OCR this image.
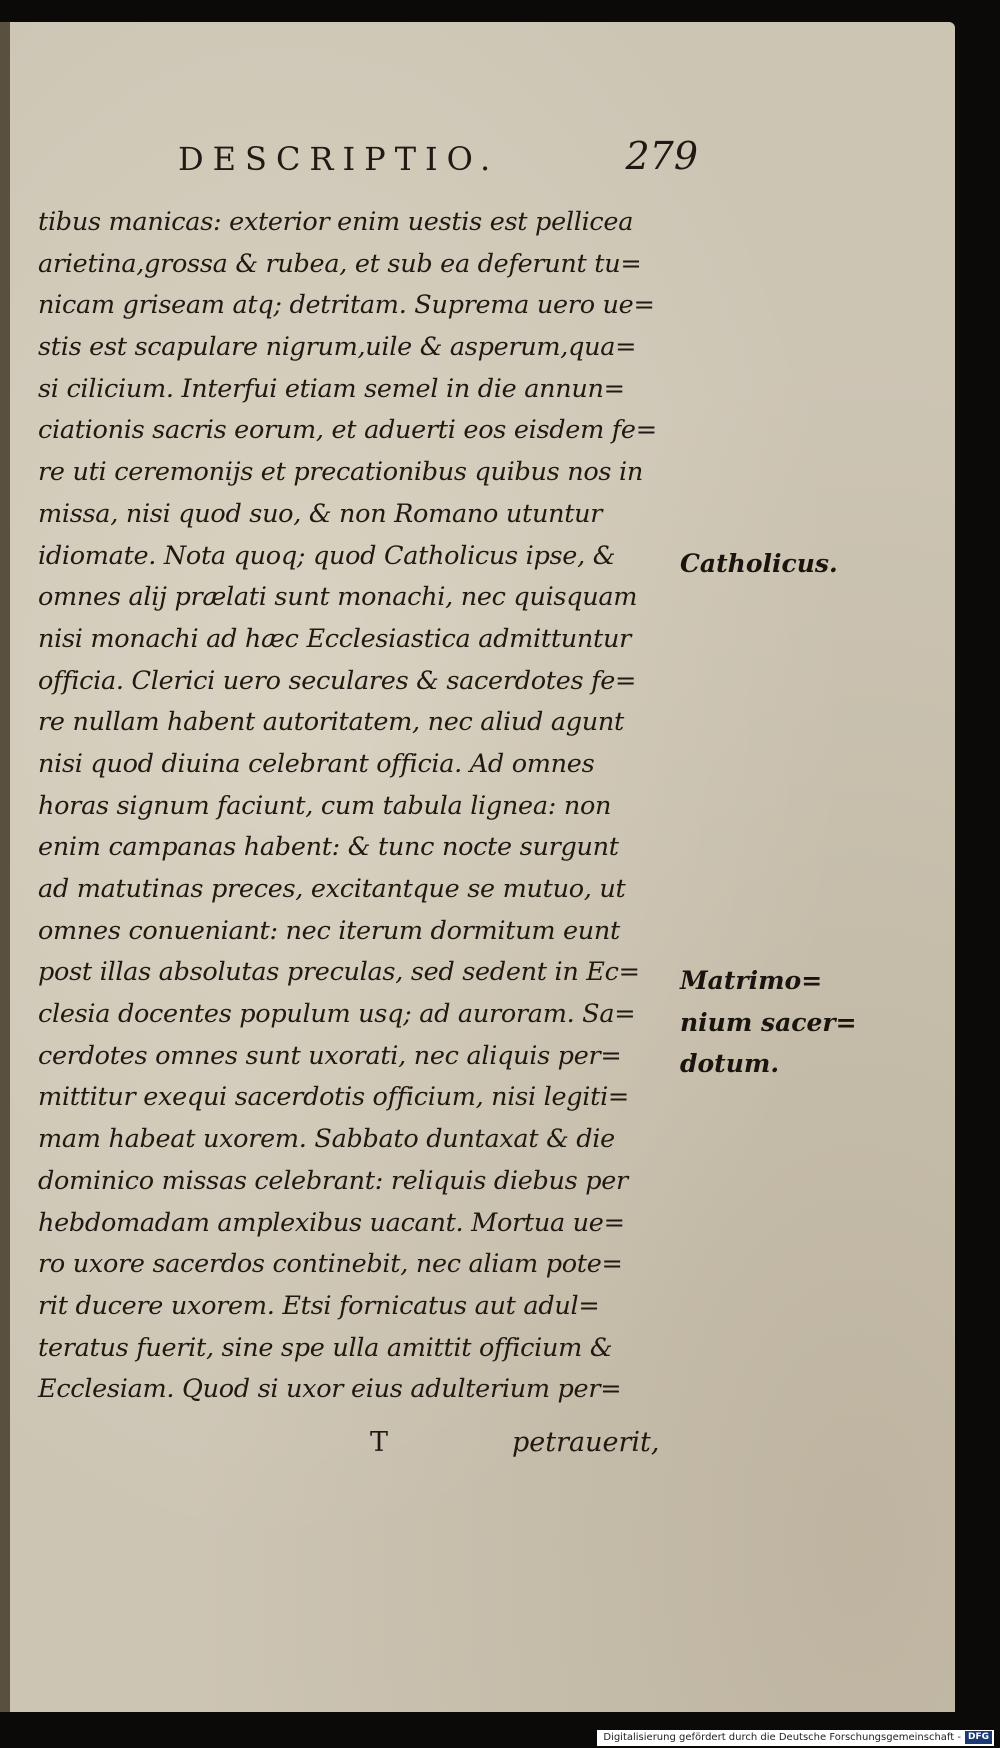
DESCRIPTIO.	279
tibus manicas: exterior enim uestis est pellicea
arietina,grossa & rubea, et sub ea deferunt tu=
nicam griseam atq; detritam. Suprema uero ue=
stis est scapulare nigrum,uile & asperum,qua=
si cilicium. Interfui etiam semel in die annun=
ciationis sacris eorum, et aduerti eos eisdem fe=
re uti ceremonijs et precationibus quibus nos in
missa, nisi quod suo, & non Romano utuntur
idiomate. Nota quoq; quod Catholicus ipse, &
omnes alij prælati sunt monachi, nec quisquam
nisi monachi ad hæc Ecclesiastica admittuntur
officia. Clerici uero seculares & sacerdotes fe=
re nullam habent autoritatem, nec aliud agunt
nisi quod diuina celebrant officia. Ad omnes
horas signum faciunt, cum tabula lignea: non
enim campanas habent: & tunc nocte surgunt
ad matutinas preces, excitantque se mutuo, ut
omnes conueniant: nec iterum dormitum eunt
post illas absolutas preculas, sed sedent in Ec=
clesia docentes populum usq; ad auroram. Sa=
cerdotes omnes sunt uxorati, nec aliquis per=
mittitur exequi sacerdotis officium, nisi legiti=
mam habeat uxorem. Sabbato duntaxat & die
dominico missas celebrant: reliquis diebus per
hebdomadam amplexibus uacant. Mortua ue=
ro uxore sacerdos continebit, nec aliam pote=
rit ducere uxorem. Etsi fornicatus aut adul=
teratus fuerit, sine spe ulla amittit officium &
Ecclesiam. Quod si uxor eius adulterium per=
Catholicus.
Matrimo=
nium sacer=
dotum.
T	petrauerit,
Digitalisierung gefördert durch die Deutsche Forschungsgemeinschaft - DFG
